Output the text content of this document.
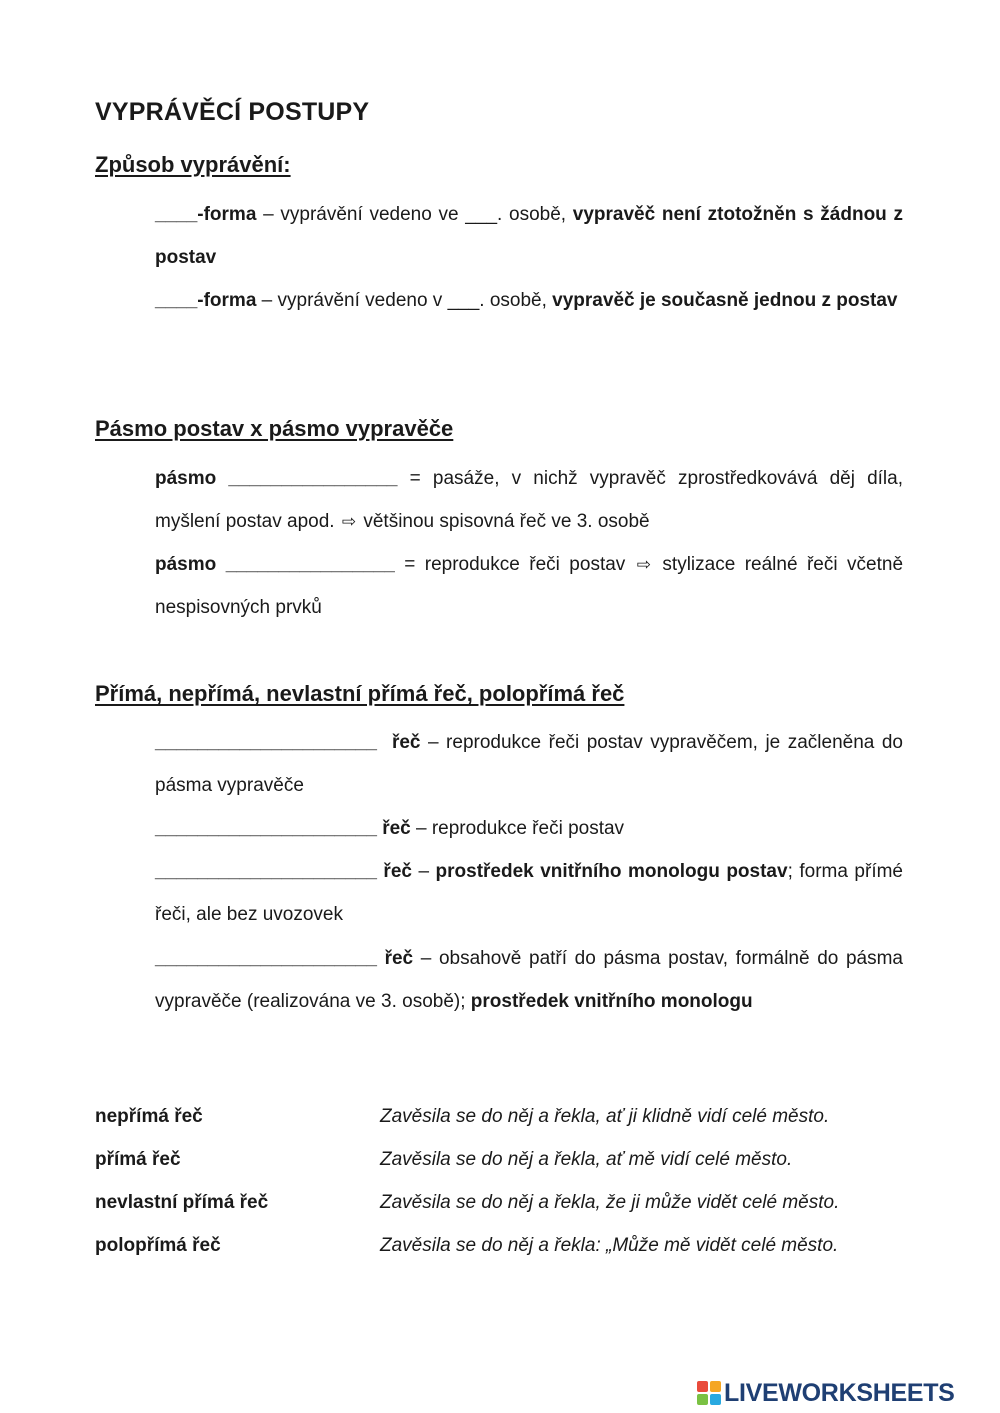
VYPRÁVĚCÍ POSTUPY
Způsob vyprávění:

____-forma – vyprávění vedeno ve ___. osobě, vypravěč není ztotožněn s žádnou z postav

____-forma – vyprávění vedeno v ___. osobě, vypravěč je současně jednou z postav

Pásmo postav x pásmo vypravěče

pásmo ________________ = pasáže, v nichž vypravěč zprostředkovává děj díla, myšlení postav apod. ⇨ většinou spisovná řeč ve 3. osobě

pásmo ________________ = reprodukce řeči postav ⇨ stylizace reálné řeči včetně nespisovných prvků

Přímá, nepřímá, nevlastní přímá řeč, polopřímá řeč

_____________________ řeč – reprodukce řeči postav vypravěčem, je začleněna do pásma vypravěče

_____________________ řeč – reprodukce řeči postav

_____________________ řeč – prostředek vnitřního monologu postav; forma přímé řeči, ale bez uvozovek

_____________________ řeč – obsahově patří do pásma postav, formálně do pásma vypravěče (realizována ve 3. osobě); prostředek vnitřního monologu

nepřímá řeč	Zavěsila se do něj a řekla, ať ji klidně vidí celé město.
přímá řeč	Zavěsila se do něj a řekla, ať mě vidí celé město.
nevlastní přímá řeč	Zavěsila se do něj a řekla, že ji může vidět celé město.
polopřímá řeč	Zavěsila se do něj a řekla: „Může mě vidět celé město.
LIVEWORKSHEETS
